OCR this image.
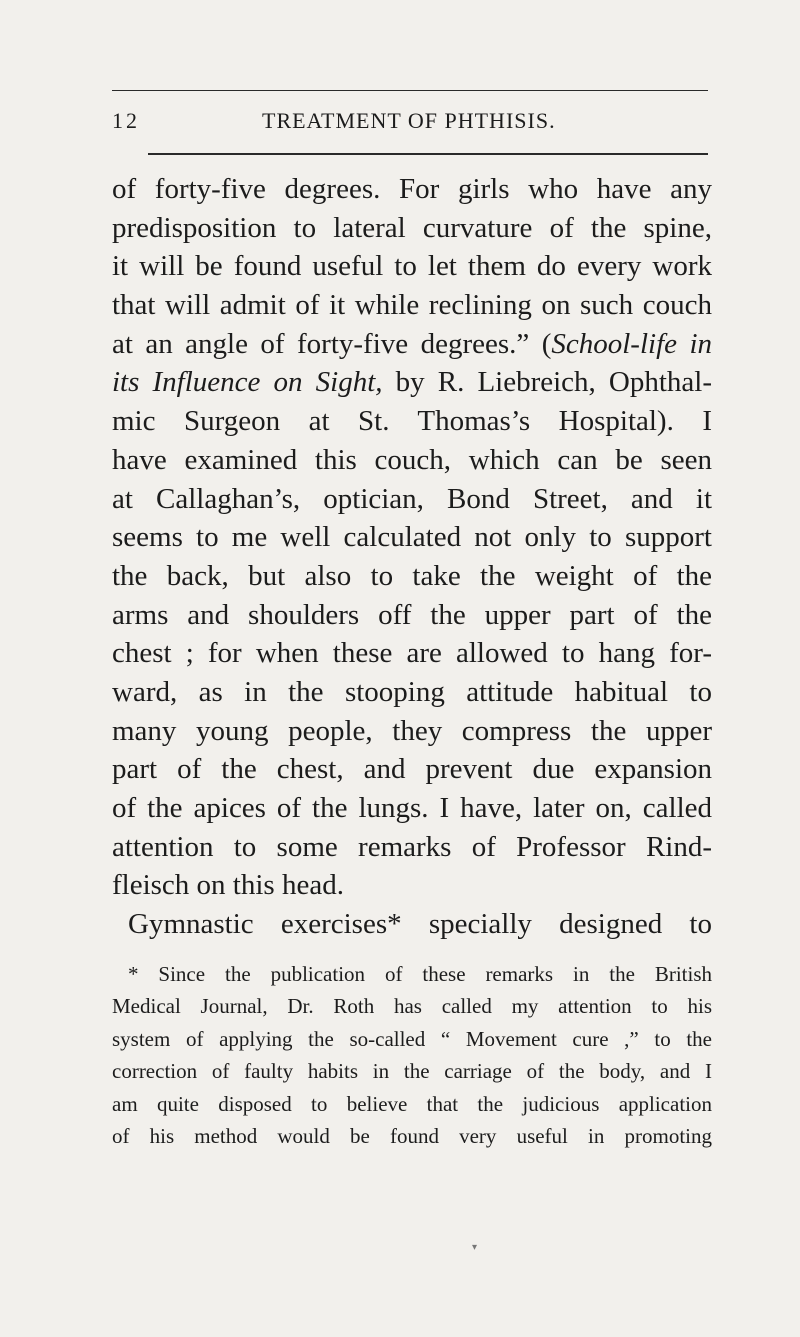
12	TREATMENT OF PHTHISIS.
of forty-five degrees. For girls who have any
predisposition to lateral curvature of the spine,
it will be found useful to let them do every work
that will admit of it while reclining on such couch
at an angle of forty-five degrees.” (School-life in
its Influence on Sight, by R. Liebreich, Ophthal-
mic Surgeon at St. Thomas’s Hospital). I
have examined this couch, which can be seen
at Callaghan’s, optician, Bond Street, and it
seems to me well calculated not only to support
the back, but also to take the weight of the
arms and shoulders off the upper part of the
chest ; for when these are allowed to hang for-
ward, as in the stooping attitude habitual to
many young people, they compress the upper
part of the chest, and prevent due expansion
of the apices of the lungs. I have, later on, called
attention to some remarks of Professor Rind-
fleisch on this head.
Gymnastic exercises* specially designed to
* Since the publication of these remarks in the British
Medical Journal, Dr. Roth has called my attention to his
system of applying the so-called “ Movement cure ,” to the
correction of faulty habits in the carriage of the body, and I
am quite disposed to believe that the judicious application
of his method would be found very useful in promoting
▾
